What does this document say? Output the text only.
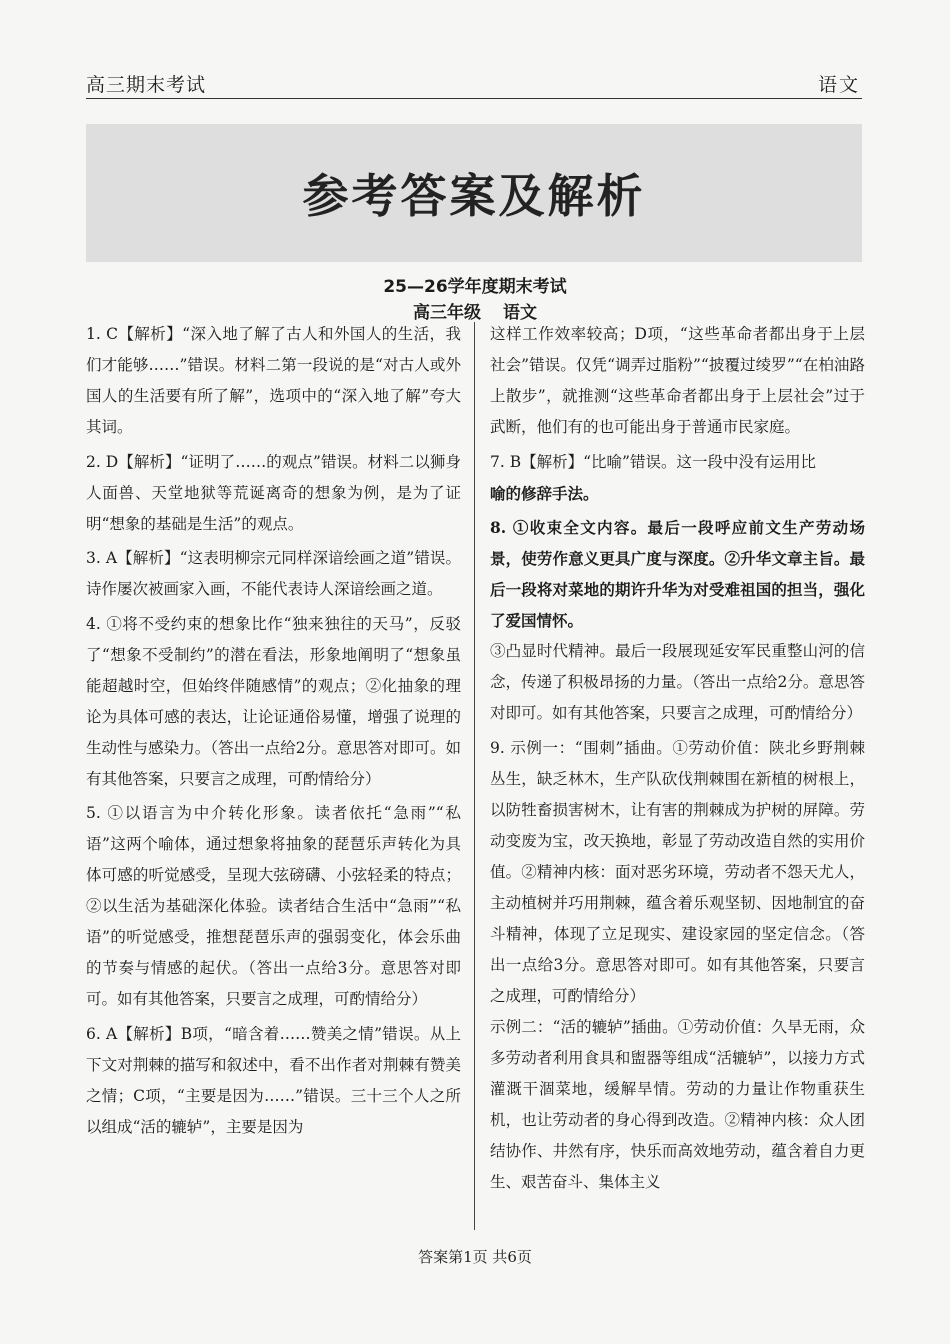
高三期末考试	语文
参考答案及解析
25—26学年度期末考试
高三年级 语文

1. C【解析】“深入地了解了古人和外国人的生活，我们才能够……”错误。材料二第一段说的是“对古人或外国人的生活要有所了解”，选项中的“深入地了解”夸大其词。

2. D【解析】“证明了……的观点”错误。材料二以狮身人面兽、天堂地狱等荒诞离奇的想象为例，是为了证明“想象的基础是生活”的观点。

3. A【解析】“这表明柳宗元同样深谙绘画之道”错误。诗作屡次被画家入画，不能代表诗人深谙绘画之道。

4. ①将不受约束的想象比作“独来独往的天马”，反驳了“想象不受制约”的潜在看法，形象地阐明了“想象虽能超越时空，但始终伴随感情”的观点；②化抽象的理论为具体可感的表达，让论证通俗易懂，增强了说理的生动性与感染力。（答出一点给2分。意思答对即可。如有其他答案，只要言之成理，可酌情给分）

5. ①以语言为中介转化形象。读者依托“急雨”“私语”这两个喻体，通过想象将抽象的琵琶乐声转化为具体可感的听觉感受，呈现大弦磅礴、小弦轻柔的特点；②以生活为基础深化体验。读者结合生活中“急雨”“私语”的听觉感受，推想琵琶乐声的强弱变化，体会乐曲的节奏与情感的起伏。（答出一点给3分。意思答对即可。如有其他答案，只要言之成理，可酌情给分）

6. A【解析】B项，“暗含着……赞美之情”错误。从上下文对荆棘的描写和叙述中，看不出作者对荆棘有赞美之情；C项，“主要是因为……”错误。三十三个人之所以组成“活的辘轳”，主要是因为

这样工作效率较高；D项，“这些革命者都出身于上层社会”错误。仅凭“调弄过脂粉”“披覆过绫罗”“在柏油路上散步”，就推测“这些革命者都出身于上层社会”过于武断，他们有的也可能出身于普通市民家庭。

7. B【解析】“比喻”错误。这一段中没有运用比

喻的修辞手法。

8. ①收束全文内容。最后一段呼应前文生产劳动场景，使劳作意义更具广度与深度。②升华文章主旨。最后一段将对菜地的期许升华为对受难祖国的担当，强化了爱国情怀。

③凸显时代精神。最后一段展现延安军民重整山河的信念，传递了积极昂扬的力量。（答出一点给2分。意思答对即可。如有其他答案，只要言之成理，可酌情给分）

9. 示例一：“围刺”插曲。①劳动价值：陕北乡野荆棘丛生，缺乏林木，生产队砍伐荆棘围在新植的树根上，以防牲畜损害树木，让有害的荆棘成为护树的屏障。劳动变废为宝，改天换地，彰显了劳动改造自然的实用价值。②精神内核：面对恶劣环境，劳动者不怨天尤人，主动植树并巧用荆棘，蕴含着乐观坚韧、因地制宜的奋斗精神，体现了立足现实、建设家园的坚定信念。（答出一点给3分。意思答对即可。如有其他答案，只要言之成理，可酌情给分）

示例二：“活的辘轳”插曲。①劳动价值：久旱无雨，众多劳动者利用食具和盥器等组成“活辘轳”，以接力方式灌溉干涸菜地，缓解旱情。劳动的力量让作物重获生机，也让劳动者的身心得到改造。②精神内核：众人团结协作、井然有序，快乐而高效地劳动，蕴含着自力更生、艰苦奋斗、集体主义

答案第1页 共6页
